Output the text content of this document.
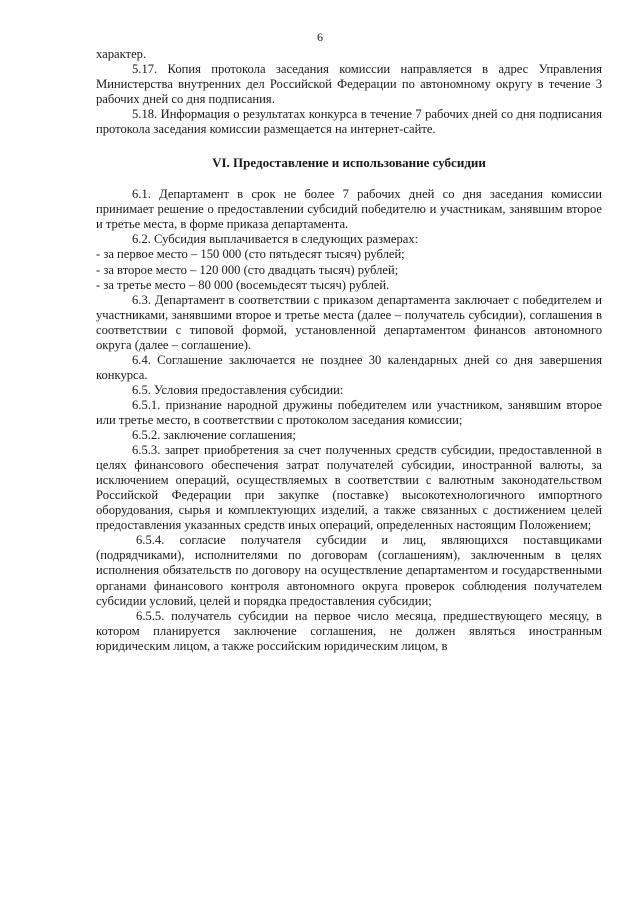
6

характер.

5.17. Копия протокола заседания комиссии направляется в адрес Управления Министерства внутренних дел Российской Федерации по автономному округу в течение 3 рабочих дней со дня подписания.

5.18. Информация о результатах конкурса в течение 7 рабочих дней со дня подписания протокола заседания комиссии размещается на интернет-сайте.

VI. Предоставление и использование субсидии

6.1. Департамент в срок не более 7 рабочих дней со дня заседания комиссии принимает решение о предоставлении субсидий победителю и участникам, занявшим второе и третье места, в форме приказа департамента.

6.2. Субсидия выплачивается в следующих размерах:

- за первое место – 150 000 (сто пятьдесят тысяч) рублей;

- за второе место – 120 000 (сто двадцать тысяч) рублей;

- за третье место – 80 000 (восемьдесят тысяч) рублей.

6.3. Департамент в соответствии с приказом департамента заключает с победителем и участниками, занявшими второе и третье места (далее – получатель субсидии), соглашения в соответствии с типовой формой, установленной департаментом финансов автономного округа (далее – соглашение).

6.4. Соглашение заключается не позднее 30 календарных дней со дня завершения конкурса.

6.5. Условия предоставления субсидии:

6.5.1. признание народной дружины победителем или участником, занявшим второе или третье место, в соответствии с протоколом заседания комиссии;

6.5.2. заключение соглашения;

6.5.3. запрет приобретения за счет полученных средств субсидии, предоставленной в целях финансового обеспечения затрат получателей субсидии, иностранной валюты, за исключением операций, осуществляемых в соответствии с валютным законодательством Российской Федерации при закупке (поставке) высокотехнологичного импортного оборудования, сырья и комплектующих изделий, а также связанных с достижением целей предоставления указанных средств иных операций, определенных настоящим Положением;

6.5.4. согласие получателя субсидии и лиц, являющихся поставщиками (подрядчиками), исполнителями по договорам (соглашениям), заключенным в целях исполнения обязательств по договору на осуществление департаментом и государственными органами финансового контроля автономного округа проверок соблюдения получателем субсидии условий, целей и порядка предоставления субсидии;

6.5.5. получатель субсидии на первое число месяца, предшествующего месяцу, в котором планируется заключение соглашения, не должен являться иностранным юридическим лицом, а также российским юридическим лицом, в
